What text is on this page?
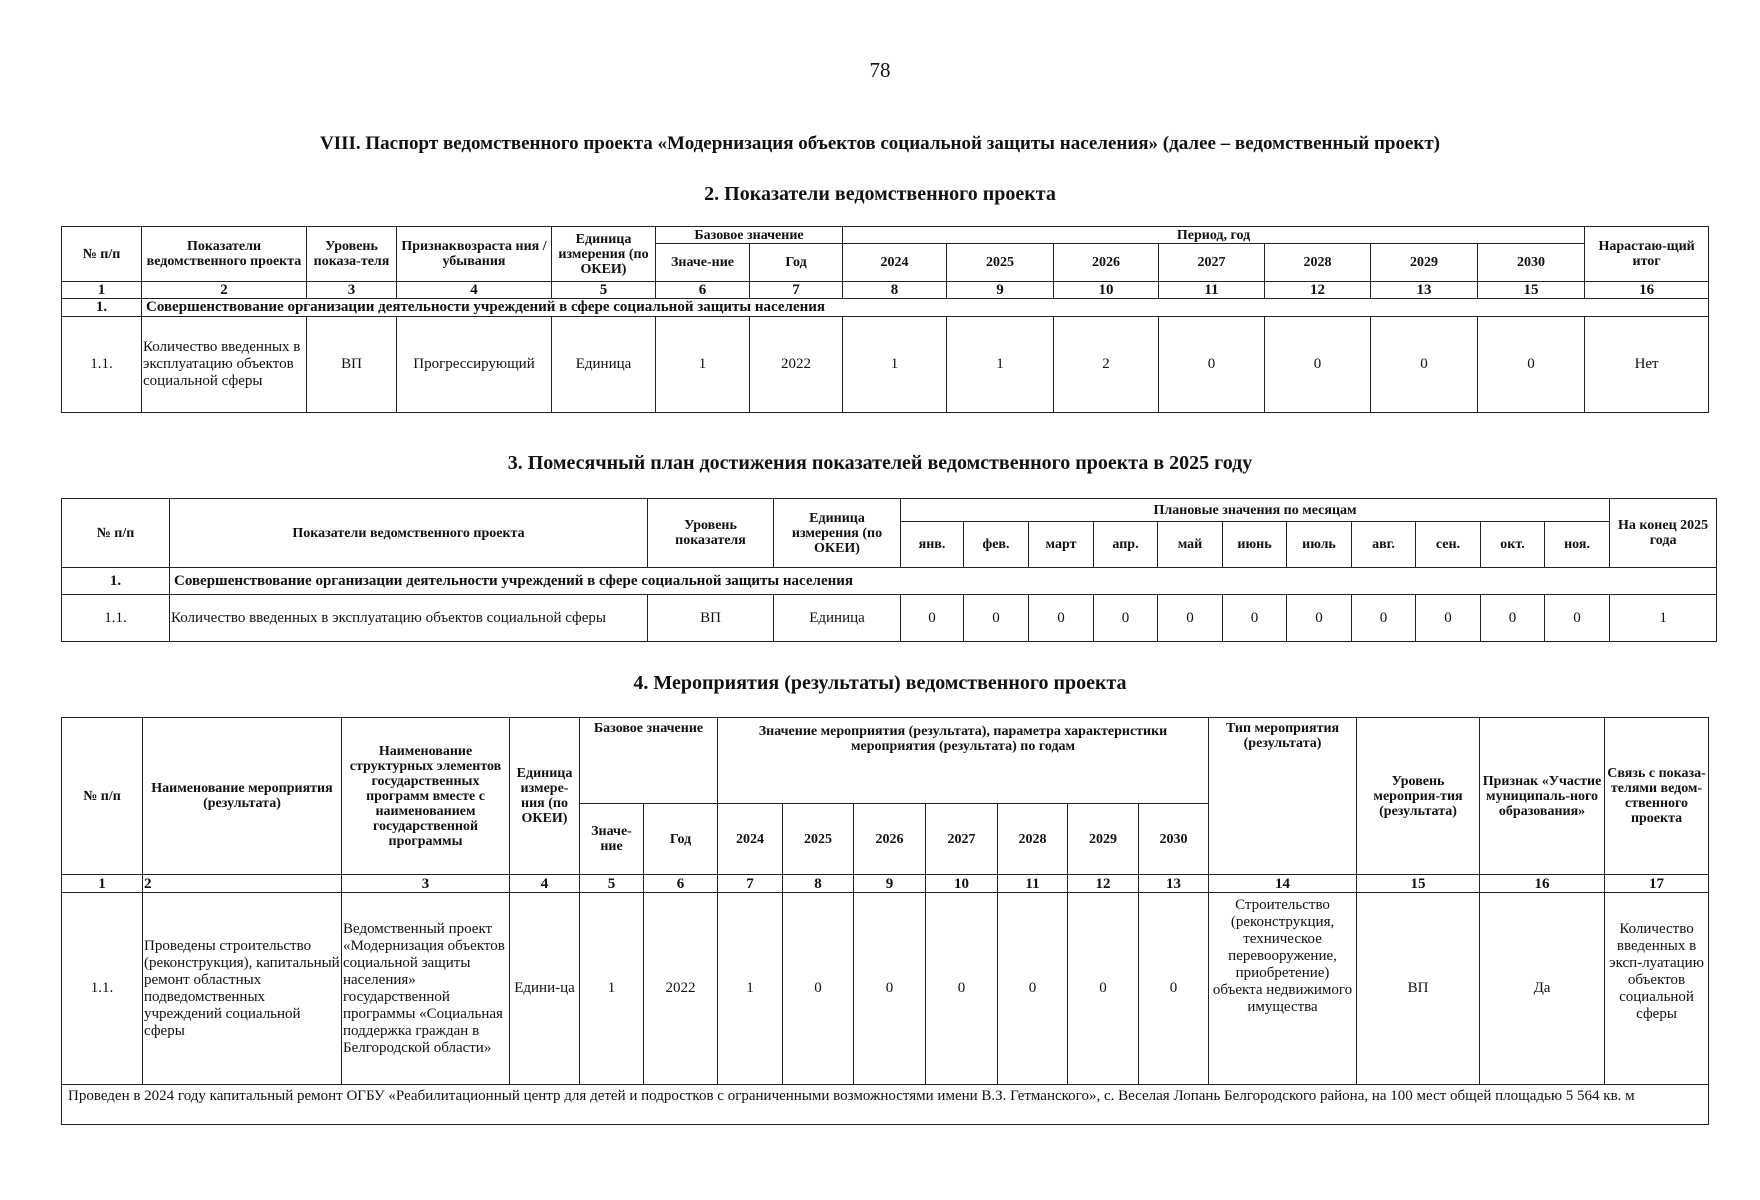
78
VIII. Паспорт ведомственного проекта «Модернизация объектов социальной защиты населения» (далее – ведомственный проект)
2. Показатели ведомственного проекта
№ п/п	Показатели ведомственного проекта	Уровень показа-теля	Признаквозраста ния / убывания	Единица измерения (по ОКЕИ)	Базовое значение		Период, год							Нарастаю-щий итог
					Значе-ние	Год	2024	2025	2026	2027	2028	2029	2030	
1	2	3	4	5	6	7	8	9	10	11	12	13	15	16
1.	Совершенствование организации деятельности учреждений в сфере социальной защиты населения													
1.1.	Количество введенных в эксплуатацию объектов социальной сферы	ВП	Прогрессирующий	Единица	1	2022	1	1	2	0	0	0	0	Нет
3. Помесячный план достижения показателей ведомственного проекта в 2025 году
№ п/п	Показатели ведомственного проекта	Уровень показателя	Единица измерения (по ОКЕИ)	Плановые значения по месяцам											На конец 2025 года
				янв.	фев.	март	апр.	май	июнь	июль	авг.	сен.	окт.	ноя.	
1.	Совершенствование организации деятельности учреждений в сфере социальной защиты населения														
1.1.	Количество введенных в эксплуатацию объектов социальной сферы	ВП	Единица	0	0	0	0	0	0	0	0	0	0	0	1
4. Мероприятия (результаты) ведомственного проекта
№ п/п	Наименование мероприятия (результата)	Наименование структурных элементов государственных программ вместе с наименованием государственной программы	Единица измере-ния (по ОКЕИ)	Базовое значение		Значение мероприятия (результата), параметра характеристики мероприятия (результата) по годам							Тип мероприятия (результата)	Уровень мероприя-тия (результата)	Признак «Участие муниципаль-ного образования»	Связь с показа-телями ведом-ственного проекта
				Значе-ние	Год	2024	2025	2026	2027	2028	2029	2030				
1	2	3	4	5	6	7	8	9	10	11	12	13	14	15	16	17
1.1.	Проведены строительство (реконструкция), капитальный ремонт областных подведомственных учреждений социальной сферы	Ведомственный проект «Модернизация объектов социальной защиты населения» государственной программы «Социальная поддержка граждан в Белгородской области»	Едини-ца	1	2022	1	0	0	0	0	0	0	Строительство (реконструкция, техническое перевооружение, приобретение) объекта недвижимого имущества	ВП	Да	Количество введенных в эксп-луатацию объектов социальной сферы
Проведен в 2024 году капитальный ремонт ОГБУ «Реабилитационный центр для детей и подростков с ограниченными возможностями имени В.З. Гетманского», с. Веселая Лопань Белгородского района, на 100 мест общей площадью 5 564 кв. м																
